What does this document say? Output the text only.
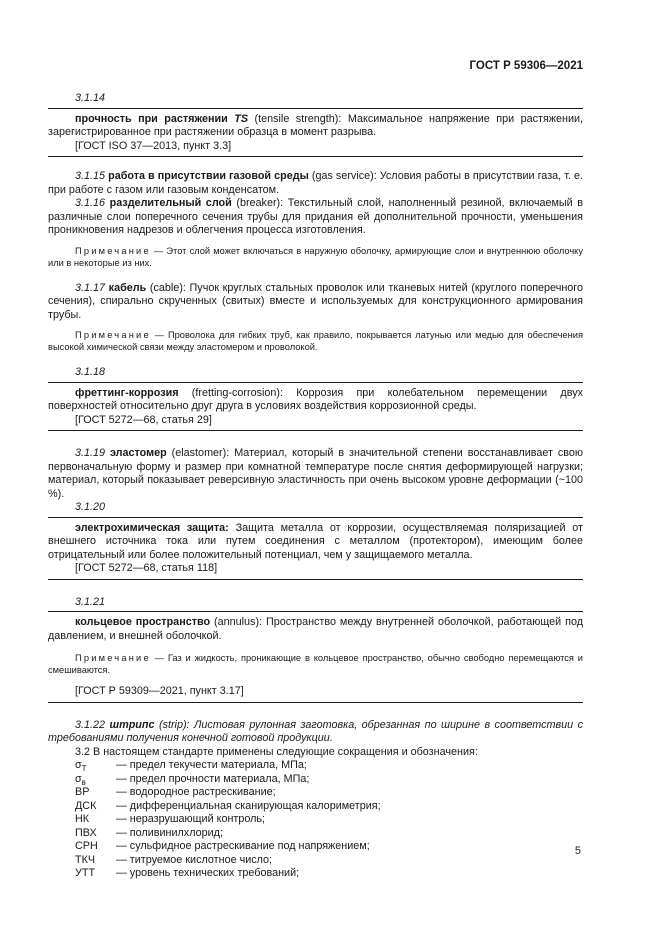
ГОСТ Р 59306—2021
3.1.14

прочность при растяжении TS (tensile strength): Максимальное напряжение при растяжении, зарегистрированное при растяжении образца в момент разрыва.

[ГОСТ ISO 37—2013, пункт 3.3]

3.1.15 работа в присутствии газовой среды (gas service): Условия работы в присутствии газа, т. е. при работе с газом или газовым конденсатом.

3.1.16 разделительный слой (breaker): Текстильный слой, наполненный резиной, включаемый в различные слои поперечного сечения трубы для придания ей дополнительной прочности, уменьшения проникновения надрезов и облегчения процесса изготовления.

Примечание — Этот слой может включаться в наружную оболочку, армирующие слои и внутреннюю оболочку или в некоторые из них.

3.1.17 кабель (cable): Пучок круглых стальных проволок или тканевых нитей (круглого поперечного сечения), спирально скрученных (свитых) вместе и используемых для конструкционного армирования трубы.

Примечание — Проволока для гибких труб, как правило, покрывается латунью или медью для обеспечения высокой химической связи между эластомером и проволокой.

3.1.18

фреттинг-коррозия (fretting-corrosion): Коррозия при колебательном перемещении двух поверхностей относительно друг друга в условиях воздействия коррозионной среды.

[ГОСТ 5272—68, статья 29]

3.1.19 эластомер (elastomer): Материал, который в значительной степени восстанавливает свою первоначальную форму и размер при комнатной температуре после снятия деформирующей нагрузки; материал, который показывает реверсивную эластичность при очень высоком уровне деформации (~100 %).

3.1.20

электрохимическая защита: Защита металла от коррозии, осуществляемая поляризацией от внешнего источника тока или путем соединения с металлом (протектором), имеющим более отрицательный или более положительный потенциал, чем у защищаемого металла.

[ГОСТ 5272—68, статья 118]

3.1.21

кольцевое пространство (annulus): Пространство между внутренней оболочкой, работающей под давлением, и внешней оболочкой.

Примечание — Газ и жидкость, проникающие в кольцевое пространство, обычно свободно перемещаются и смешиваются.

[ГОСТ Р 59309—2021, пункт 3.17]

3.1.22 штрипс (strip): Листовая рулонная заготовка, обрезанная по ширине в соответствии с требованиями получения конечной готовой продукции.

3.2 В настоящем стандарте применены следующие сокращения и обозначения:

$\sigma_Т$	— предел текучести материала, МПа;
$\sigma_в$	— предел прочности материала, МПа;
ВР	— водородное растрескивание;
ДСК	— дифференциальная сканирующая калориметрия;
НК	— неразрушающий контроль;
ПВХ	— поливинилхлорид;
СРН	— сульфидное растрескивание под напряжением;
ТКЧ	— титруемое кислотное число;
УТТ	— уровень технических требований;
5
